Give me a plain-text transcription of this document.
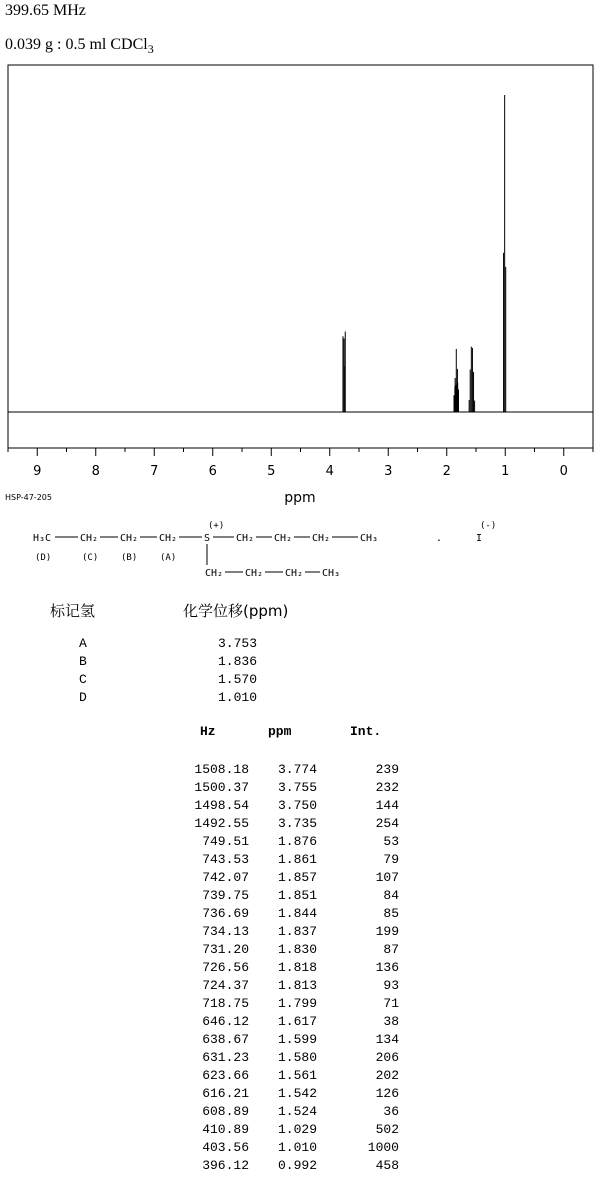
399.65 MHz
0.039 g : 0.5 ml CDCl$_3$
9	8	7	6	5	4	3	2	1	0
ppm
HSP-47-205
H₃C	CH₂ CH₂ CH₂	S
(+)
CH₂ CH₂ CH₂	CH₃	.	I
(-)
CH₂ CH₂ CH₂ CH₃
(D)	(C)	(B)	(A)
标记氢	化学位移(ppm)
A	3.753
B	1.836
C	1.570
D	1.010
Hz	ppm	Int.
1508.18 3.774	239
1500.37 3.755	232
1498.54 3.750	144
1492.55 3.735	254
749.51 1.876	53
743.53 1.861	79
742.07 1.857	107
739.75 1.851	84
736.69 1.844	85
734.13 1.837	199
731.20 1.830	87
726.56 1.818	136
724.37 1.813	93
718.75 1.799	71
646.12 1.617	38
638.67 1.599	134
631.23 1.580	206
623.66 1.561	202
616.21 1.542	126
608.89 1.524	36
410.89 1.029	502
403.56 1.010	1000
396.12 0.992	458
